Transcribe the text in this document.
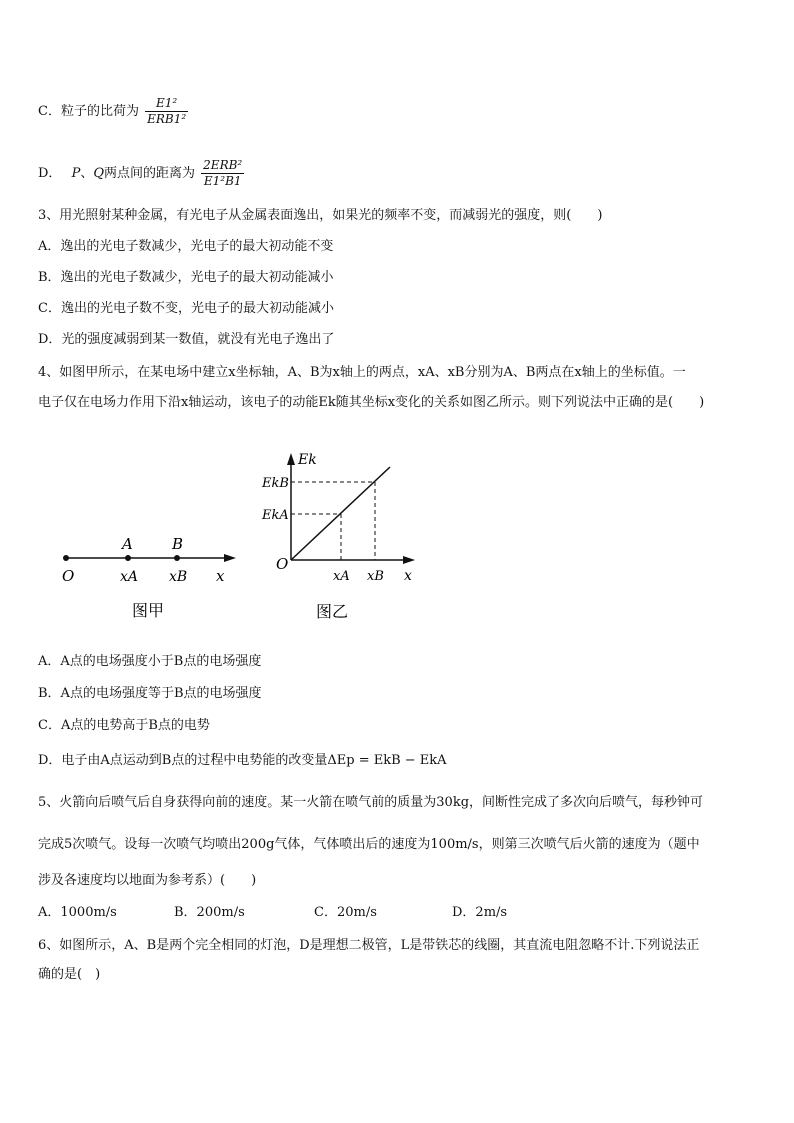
C．粒子的比荷为 $\frac{\text{E1²}}{\text{ERB1²}}$
D． P、Q两点间的距离为 $\frac{\text{2ERB²}}{\text{E1²B1}}$
3、用光照射某种金属，有光电子从金属表面逸出，如果光的频率不变，而减弱光的强度，则(　　)
A．逸出的光电子数减少，光电子的最大初动能不变
B．逸出的光电子数减少，光电子的最大初动能减小
C．逸出的光电子数不变，光电子的最大初动能减小
D．光的强度减弱到某一数值，就没有光电子逸出了
4、如图甲所示，在某电场中建立x坐标轴，A、B为x轴上的两点，xA、xB分别为A、B两点在x轴上的坐标值。一
电子仅在电场力作用下沿x轴运动，该电子的动能Ek随其坐标x变化的关系如图乙所示。则下列说法中正确的是(　　)
A	B
O	xA xB x
图甲
Ek
EkB
EkA
O
xA xB x
图乙
A．A点的电场强度小于B点的电场强度
B．A点的电场强度等于B点的电场强度
C．A点的电势高于B点的电势
D．电子由A点运动到B点的过程中电势能的改变量ΔEp = EkB − EkA
5、火箭向后喷气后自身获得向前的速度。某一火箭在喷气前的质量为30kg，间断性完成了多次向后喷气，每秒钟可
完成5次喷气。设每一次喷气均喷出200g气体，气体喷出后的速度为100m/s，则第三次喷气后火箭的速度为（题中
涉及各速度均以地面为参考系）(　　)
A．1000m/s	B．200m/s	C．20m/s	D．2m/s
6、如图所示，A、B是两个完全相同的灯泡，D是理想二极管，L是带铁芯的线圈，其直流电阻忽略不计.下列说法正
确的是(　)
